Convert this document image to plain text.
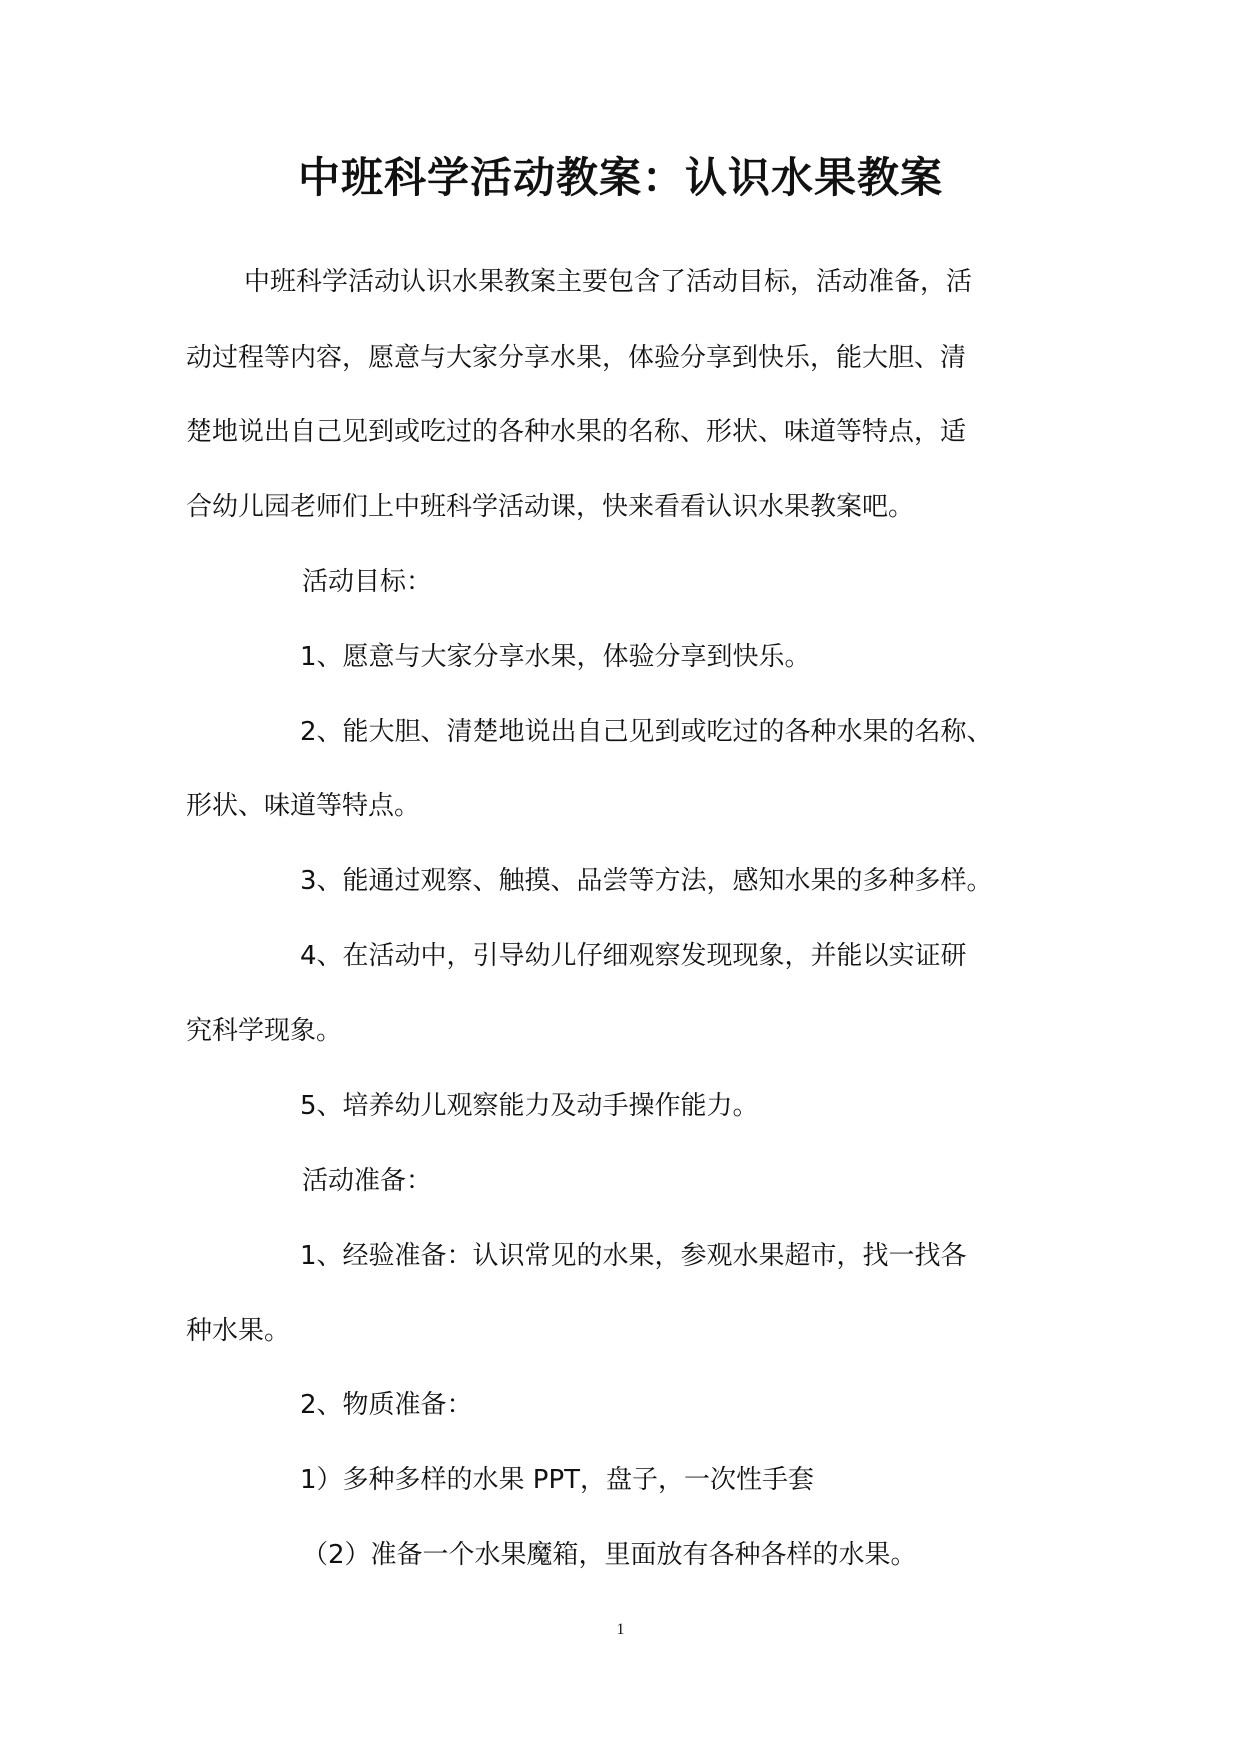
中班科学活动教案：认识水果教案

中班科学活动认识水果教案主要包含了活动目标，活动准备，活

动过程等内容，愿意与大家分享水果，体验分享到快乐，能大胆、清

楚地说出自己见到或吃过的各种水果的名称、形状、味道等特点，适

合幼儿园老师们上中班科学活动课，快来看看认识水果教案吧。

活动目标：

1、愿意与大家分享水果，体验分享到快乐。

2、能大胆、清楚地说出自己见到或吃过的各种水果的名称、

形状、味道等特点。

3、能通过观察、触摸、品尝等方法，感知水果的多种多样。

4、在活动中，引导幼儿仔细观察发现现象，并能以实证研

究科学现象。

5、培养幼儿观察能力及动手操作能力。

活动准备：

1、经验准备：认识常见的水果，参观水果超市，找一找各

种水果。

2、物质准备：

1）多种多样的水果 PPT，盘子，一次性手套

（2）准备一个水果魔箱，里面放有各种各样的水果。

1
